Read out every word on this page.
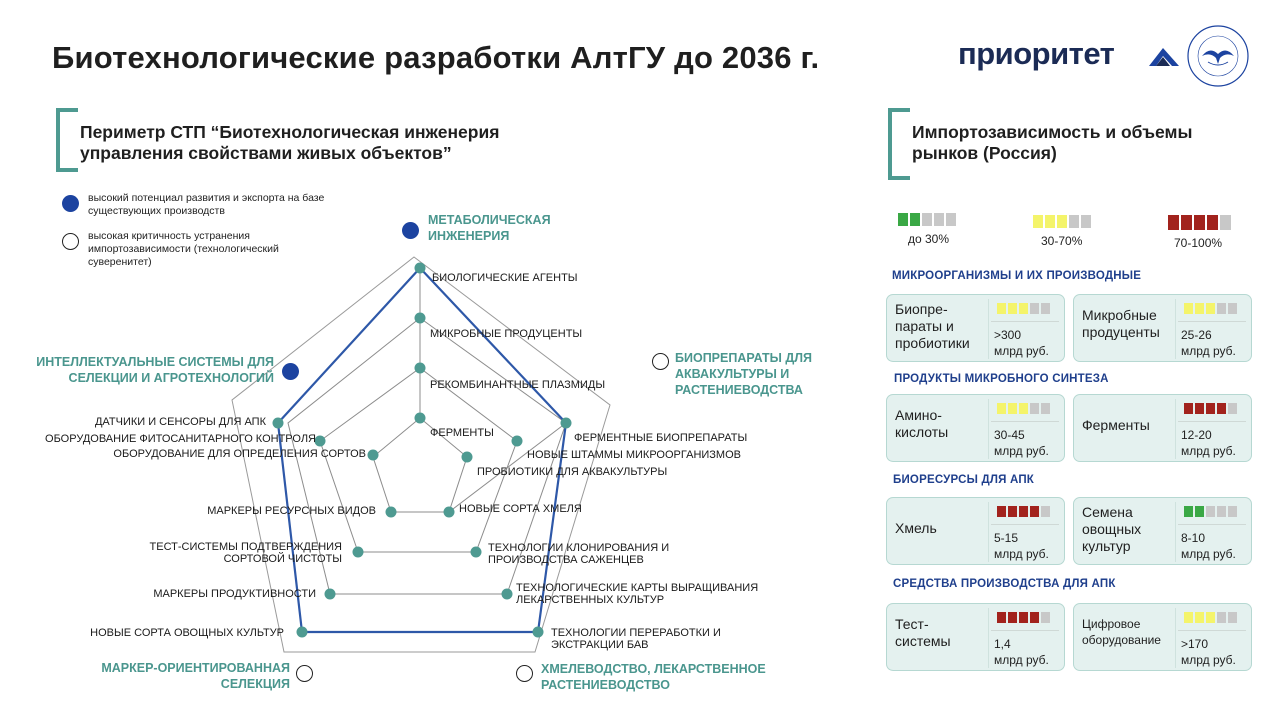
Биотехнологические разработки АлтГУ до 2036 г.	приоритет
Периметр СТП “Биотехнологическая инженерия управления свойствами живых объектов”
высокий потенциал развития и экспорта на базе существующих производств
высокая критичность устранения импортозависимости (технологический суверенитет)
МЕТАБОЛИЧЕСКАЯ ИНЖЕНЕРИЯ
БИОПРЕПАРАТЫ ДЛЯ АКВАКУЛЬТУРЫ И РАСТЕНИЕВОДСТВА
ХМЕЛЕВОДСТВО, ЛЕКАРСТВЕННОЕ РАСТЕНИЕВОДСТВО
МАРКЕР-ОРИЕНТИРОВАННАЯ СЕЛЕКЦИЯ
ИНТЕЛЛЕКТУАЛЬНЫЕ СИСТЕМЫ ДЛЯ СЕЛЕКЦИИ И АГРОТЕХНОЛОГИЙ
БИОЛОГИЧЕСКИЕ АГЕНТЫ
МИКРОБНЫЕ ПРОДУЦЕНТЫ
РЕКОМБИНАНТНЫЕ ПЛАЗМИДЫ
ФЕРМЕНТЫ	ФЕРМЕНТНЫЕ БИОПРЕПАРАТЫ
НОВЫЕ ШТАММЫ МИКРООРГАНИЗМОВ
ПРОБИОТИКИ ДЛЯ АКВАКУЛЬТУРЫ
НОВЫЕ СОРТА ХМЕЛЯ
ТЕХНОЛОГИИ КЛОНИРОВАНИЯ И ПРОИЗВОДСТВА САЖЕНЦЕВ
ТЕХНОЛОГИЧЕСКИЕ КАРТЫ ВЫРАЩИВАНИЯ ЛЕКАРСТВЕННЫХ КУЛЬТУР
ТЕХНОЛОГИИ ПЕРЕРАБОТКИ И ЭКСТРАКЦИИ БАВ
МАРКЕРЫ РЕСУРСНЫХ ВИДОВ
ТЕСТ-СИСТЕМЫ ПОДТВЕРЖДЕНИЯ СОРТОВОЙ ЧИСТОТЫ
МАРКЕРЫ ПРОДУКТИВНОСТИ
НОВЫЕ СОРТА ОВОЩНЫХ КУЛЬТУР
ДАТЧИКИ И СЕНСОРЫ ДЛЯ АПК
ОБОРУДОВАНИЕ ФИТОСАНИТАРНОГО КОНТРОЛЯ
ОБОРУДОВАНИЕ ДЛЯ ОПРЕДЕЛЕНИЯ СОРТОВ
Импортозависимость и объемы рынков (Россия)
до 30%	30-70%	70-100%
МИКРООРГАНИЗМЫ И ИХ ПРОИЗВОДНЫЕ
ПРОДУКТЫ МИКРОБНОГО СИНТЕЗА
БИОРЕСУРСЫ ДЛЯ АПК
СРЕДСТВА ПРОИЗВОДСТВА ДЛЯ АПК
Биопре-
параты и
пробиотики	>300
млрд руб.
Микробные
продуценты	25-26
млрд руб.
Амино-
кислоты	30-45
млрд руб.
Ферменты
12-20
млрд руб.
Хмель
5-15
млрд руб.
Семена
овощных
культур	8-10
млрд руб.
Тест-
системы	1,4
млрд руб.
Цифровое
оборудование	>170
млрд руб.
